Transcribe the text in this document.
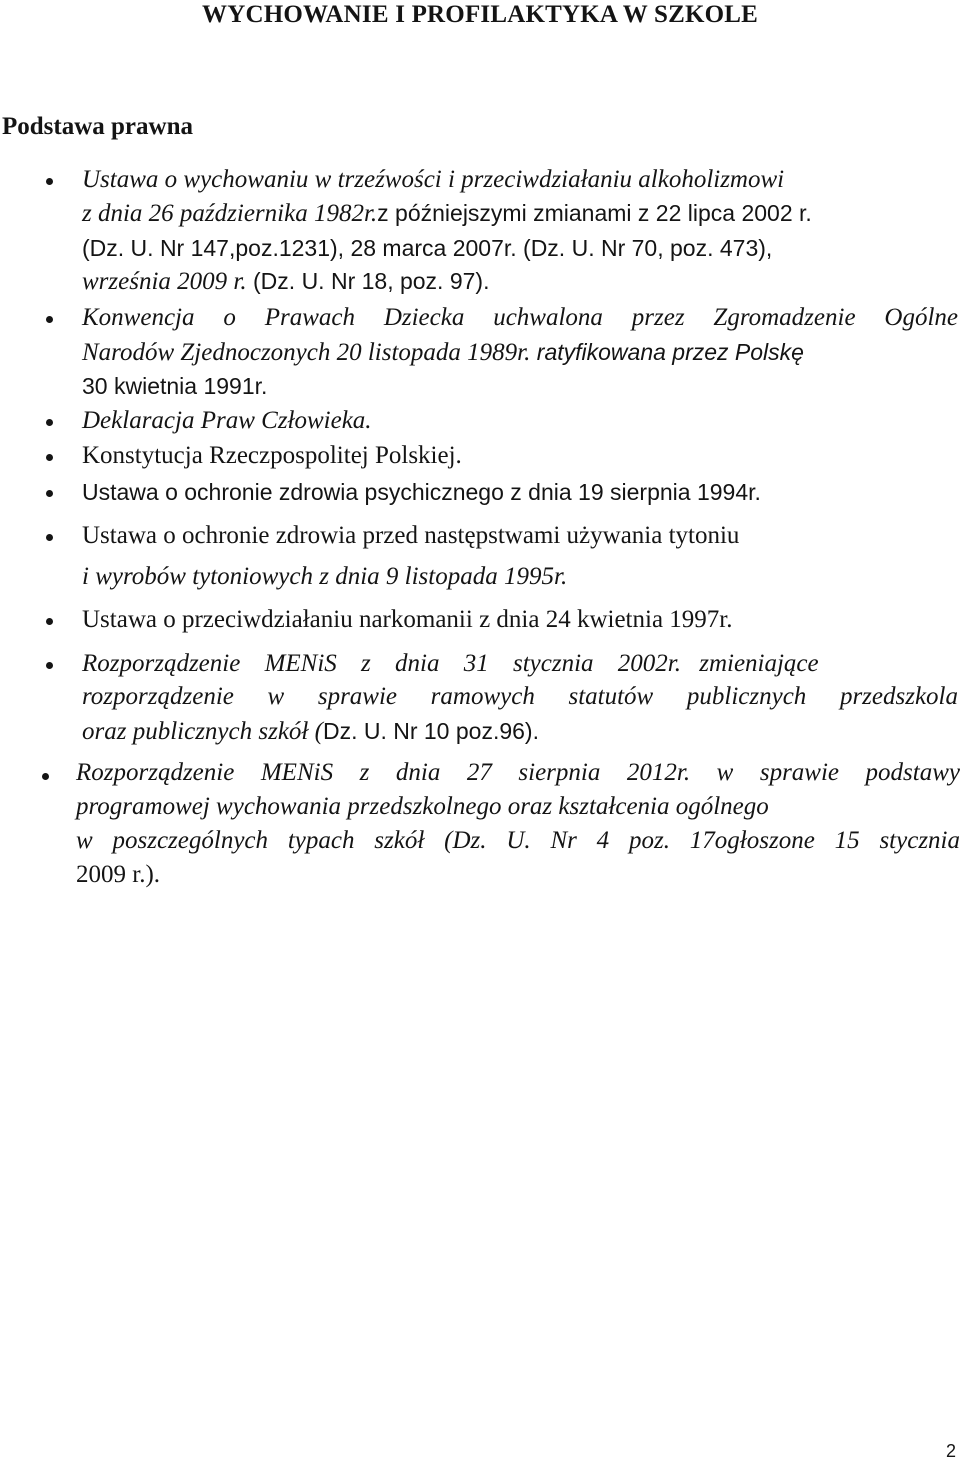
WYCHOWANIE I PROFILAKTYKA W SZKOLE
Podstawa prawna
Ustawa o wychowaniu w trzeźwości i przeciwdziałaniu alkoholizmowi
z dnia 26 października 1982r.z późniejszymi zmianami z 22 lipca 2002 r.
(Dz. U. Nr 147,poz.1231), 28 marca 2007r. (Dz. U. Nr 70, poz. 473),
września 2009 r. (Dz. U. Nr 18, poz. 97).
Konwencja o Prawach Dziecka uchwalona przez Zgromadzenie Ogólne
Narodów Zjednoczonych 20 listopada 1989r. ratyfikowana przez Polskę
30 kwietnia 1991r.
Deklaracja Praw Człowieka.
Konstytucja Rzeczpospolitej Polskiej.
Ustawa o ochronie zdrowia psychicznego z dnia 19 sierpnia 1994r.
Ustawa o ochronie zdrowia przed następstwami używania tytoniu
i wyrobów tytoniowych z dnia 9 listopada 1995r.
Ustawa o przeciwdziałaniu narkomanii z dnia 24 kwietnia 1997r.
Rozporządzenie MENiS z dnia 31 stycznia 2002r. zmieniające
rozporządzenie w sprawie ramowych statutów publicznych przedszkola
oraz publicznych szkół (Dz. U. Nr 10 poz.96).
Rozporządzenie MENiS z dnia 27 sierpnia 2012r. w sprawie podstawy
programowej wychowania przedszkolnego oraz kształcenia ogólnego
w poszczególnych typach szkół (Dz. U. Nr 4 poz. 17ogłoszone 15 stycznia
2009 r.).
2
